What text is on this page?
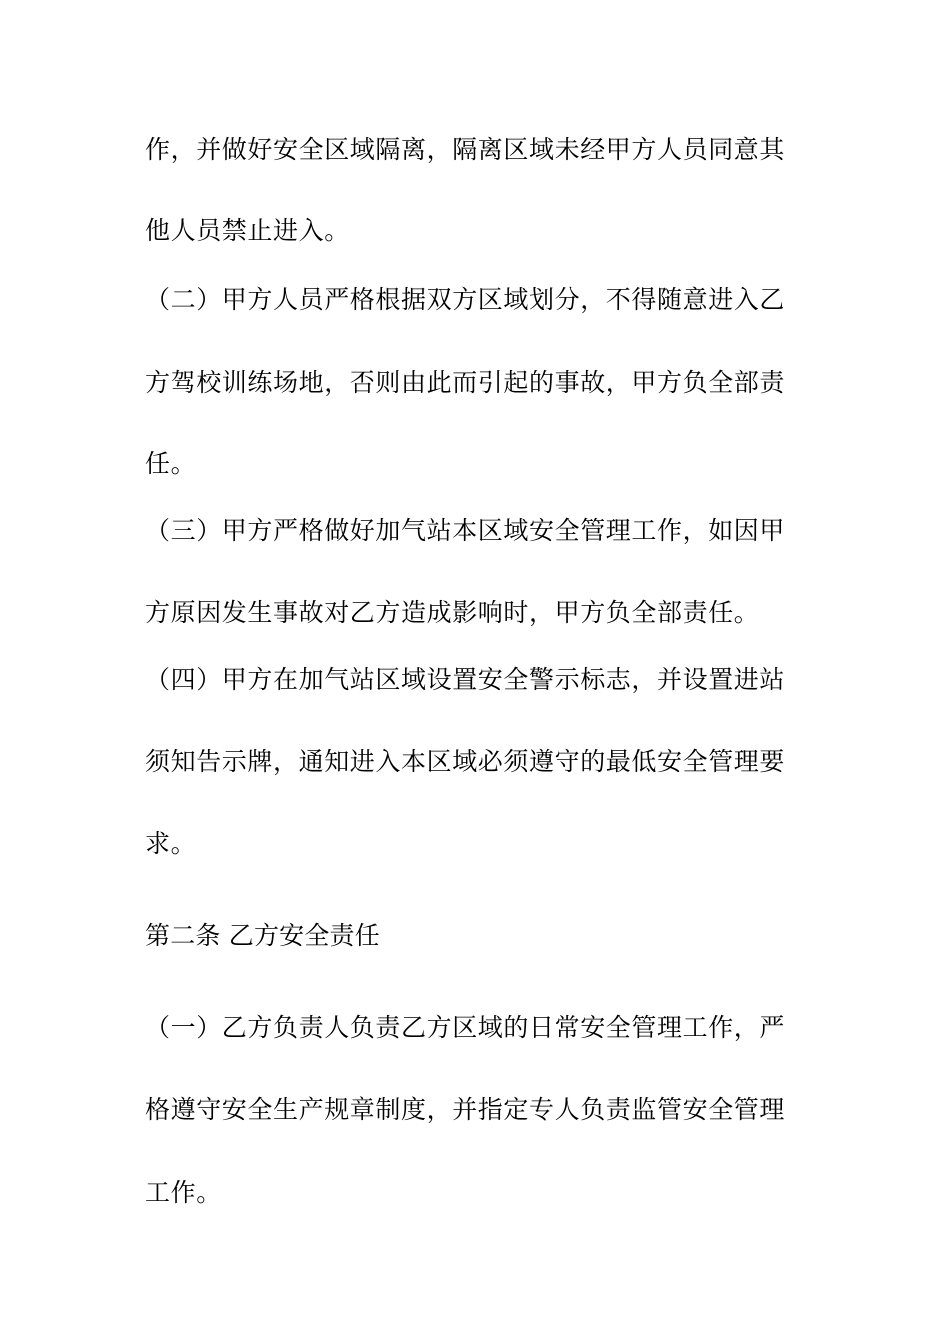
作，并做好安全区域隔离，隔离区域未经甲方人员同意其
他人员禁止进入。
（二）甲方人员严格根据双方区域划分，不得随意进入乙
方驾校训练场地，否则由此而引起的事故，甲方负全部责
任。
（三）甲方严格做好加气站本区域安全管理工作，如因甲
方原因发生事故对乙方造成影响时，甲方负全部责任。
（四）甲方在加气站区域设置安全警示标志，并设置进站
须知告示牌，通知进入本区域必须遵守的最低安全管理要
求。
第二条 乙方安全责任
（一）乙方负责人负责乙方区域的日常安全管理工作，严
格遵守安全生产规章制度，并指定专人负责监管安全管理
工作。
